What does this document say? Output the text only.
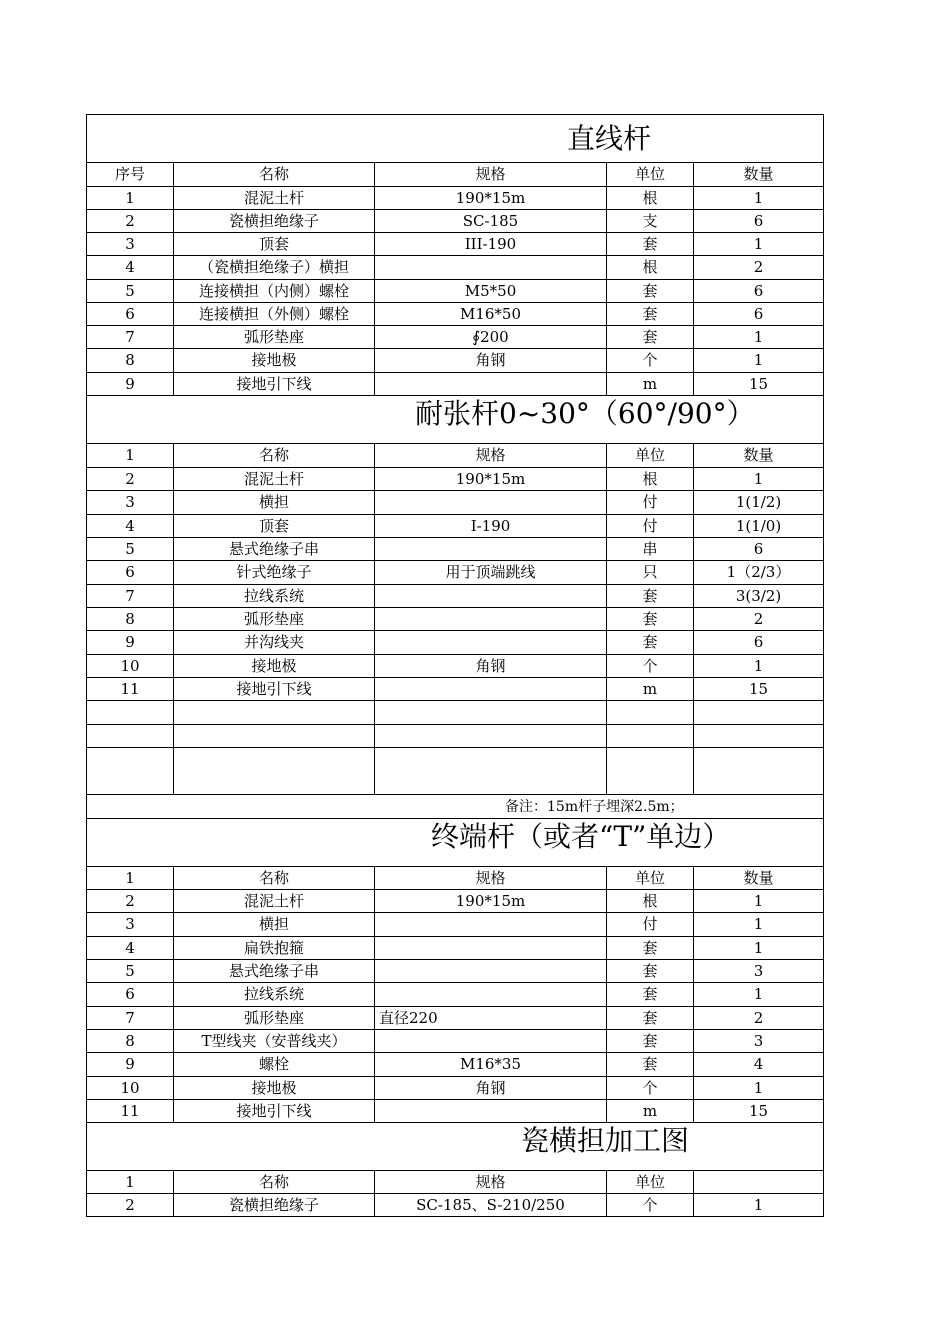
直线杆				
序号	名称	规格	单位	数量
1	混泥土杆	190*15m	根	1
2	瓷横担绝缘子	SC-185	支	6
3	顶套	III-190	套	1
4	（瓷横担绝缘子）横担		根	2
5	连接横担（内侧）螺栓	M5*50	套	6
6	连接横担（外侧）螺栓	M16*50	套	6
7	弧形垫座	∮200	套	1
8	接地极	角钢	个	1
9	接地引下线		m	15
耐张杆0~30°（60°/90°）				
1	名称	规格	单位	数量
2	混泥土杆	190*15m	根	1
3	横担		付	1(1/2)
4	顶套	I-190	付	1(1/0)
5	悬式绝缘子串		串	6
6	针式绝缘子	用于顶端跳线	只	1（2/3）
7	拉线系统		套	3(3/2)
8	弧形垫座		套	2
9	并沟线夹		套	6
10	接地极	角钢	个	1
11	接地引下线		m	15

备注：15m杆子埋深2.5m；				
终端杆（或者“T”单边）				
1	名称	规格	单位	数量
2	混泥土杆	190*15m	根	1
3	横担		付	1
4	扁铁抱箍		套	1
5	悬式绝缘子串		套	3
6	拉线系统		套	1
7	弧形垫座	直径220	套	2
8	T型线夹（安普线夹）		套	3
9	螺栓	M16*35	套	4
10	接地极	角钢	个	1
11	接地引下线		m	15
瓷横担加工图				
1	名称	规格	单位	
2	瓷横担绝缘子	SC-185、S-210/250	个	1
